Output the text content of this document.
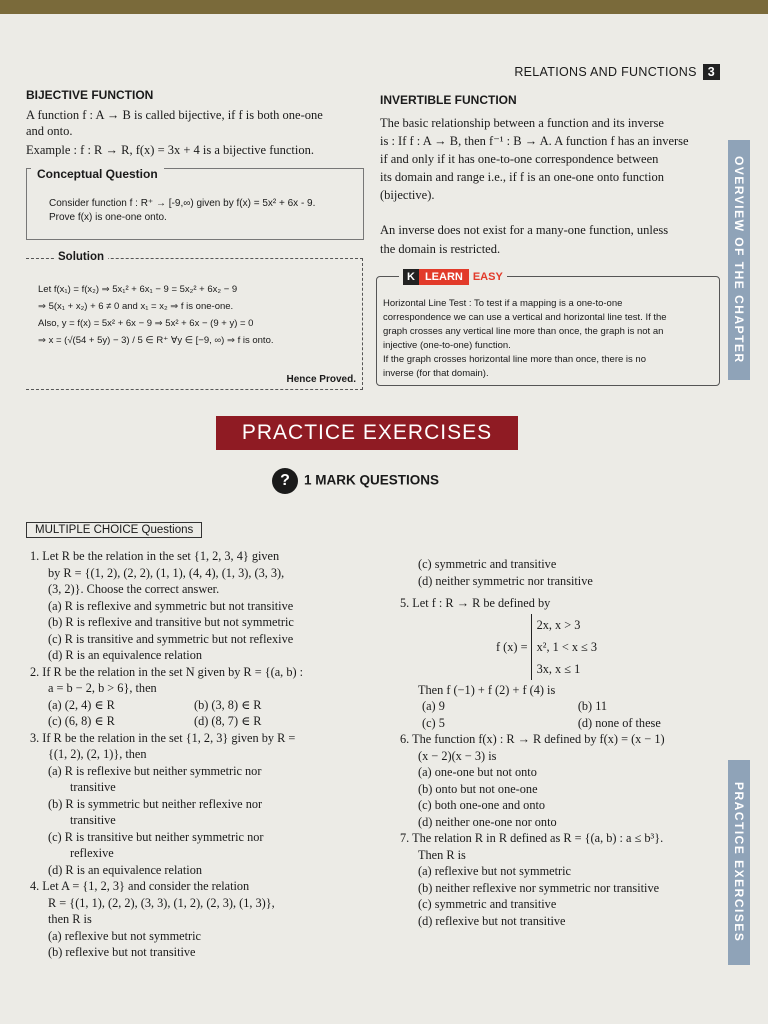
RELATIONS AND FUNCTIONS 3
OVERVIEW OF THE CHAPTER
PRACTICE EXERCISES
BIJECTIVE FUNCTION
A function f : A → B is called bijective, if f is both one-one
and onto.
Example : f : R → R, f(x) = 3x + 4 is a bijective function.
Conceptual Question
Consider function f : R⁺ → [-9,∞) given by f(x) = 5x² + 6x - 9.
Prove f(x) is one-one onto.
Solution
Let f(x₁) = f(x₂) ⇒ 5x₁² + 6x₁ − 9 = 5x₂² + 6x₂ − 9
⇒ 5(x₁ + x₂) + 6 ≠ 0 and x₁ = x₂ ⇒ f is one-one.
Also, y = f(x) = 5x² + 6x − 9 ⇒ 5x² + 6x − (9 + y) = 0
⇒ x = (√(54 + 5y) − 3) / 5 ∈ R⁺ ∀y ∈ [−9, ∞) ⇒ f is onto.
Hence Proved.
INVERTIBLE FUNCTION
The basic relationship between a function and its inverse
is : If f : A → B, then f⁻¹ : B → A. A function f has an inverse
if and only if it has one-to-one correspondence between
its domain and range i.e., if f is an one-one onto function
(bijective).
An inverse does not exist for a many-one function, unless
the domain is restricted.
K LEARN EASY
Horizontal Line Test : To test if a mapping is a one-to-one
correspondence we can use a vertical and horizontal line test. If the
graph crosses any vertical line more than once, the graph is not an
injective (one-to-one) function.
If the graph crosses horizontal line more than once, there is no
inverse (for that domain).
PRACTICE EXERCISES
? 1 MARK QUESTIONS
MULTIPLE CHOICE Questions
1. Let R be the relation in the set {1, 2, 3, 4} given
by R = {(1, 2), (2, 2), (1, 1), (4, 4), (1, 3), (3, 3),
(3, 2)}. Choose the correct answer.
(a) R is reflexive and symmetric but not transitive
(b) R is reflexive and transitive but not symmetric
(c) R is transitive and symmetric but not reflexive
(d) R is an equivalence relation
2. If R be the relation in the set N given by R = {(a, b) :
a = b − 2, b > 6}, then
(a) (2, 4) ∈ R	(b) (3, 8) ∈ R
(c) (6, 8) ∈ R	(d) (8, 7) ∈ R
3. If R be the relation in the set {1, 2, 3} given by R =
{(1, 2), (2, 1)}, then
(a) R is reflexive but neither symmetric nor
transitive
(b) R is symmetric but neither reflexive nor
transitive
(c) R is transitive but neither symmetric nor
reflexive
(d) R is an equivalence relation
4. Let A = {1, 2, 3} and consider the relation
R = {(1, 1), (2, 2), (3, 3), (1, 2), (2, 3), (1, 3)},
then R is
(a) reflexive but not symmetric
(b) reflexive but not transitive
(c) symmetric and transitive
(d) neither symmetric nor transitive
5. Let f : R → R be defined by
f (x) =
2x, x > 3
x², 1 < x ≤ 3
3x, x ≤ 1
Then f (−1) + f (2) + f (4) is
(a) 9	(b) 11
(c) 5	(d) none of these
6. The function f(x) : R → R defined by f(x) = (x − 1)
(x − 2)(x − 3) is
(a) one-one but not onto
(b) onto but not one-one
(c) both one-one and onto
(d) neither one-one nor onto
7. The relation R in R defined as R = {(a, b) : a ≤ b³}.
Then R is
(a) reflexive but not symmetric
(b) neither reflexive nor symmetric nor transitive
(c) symmetric and transitive
(d) reflexive but not transitive
